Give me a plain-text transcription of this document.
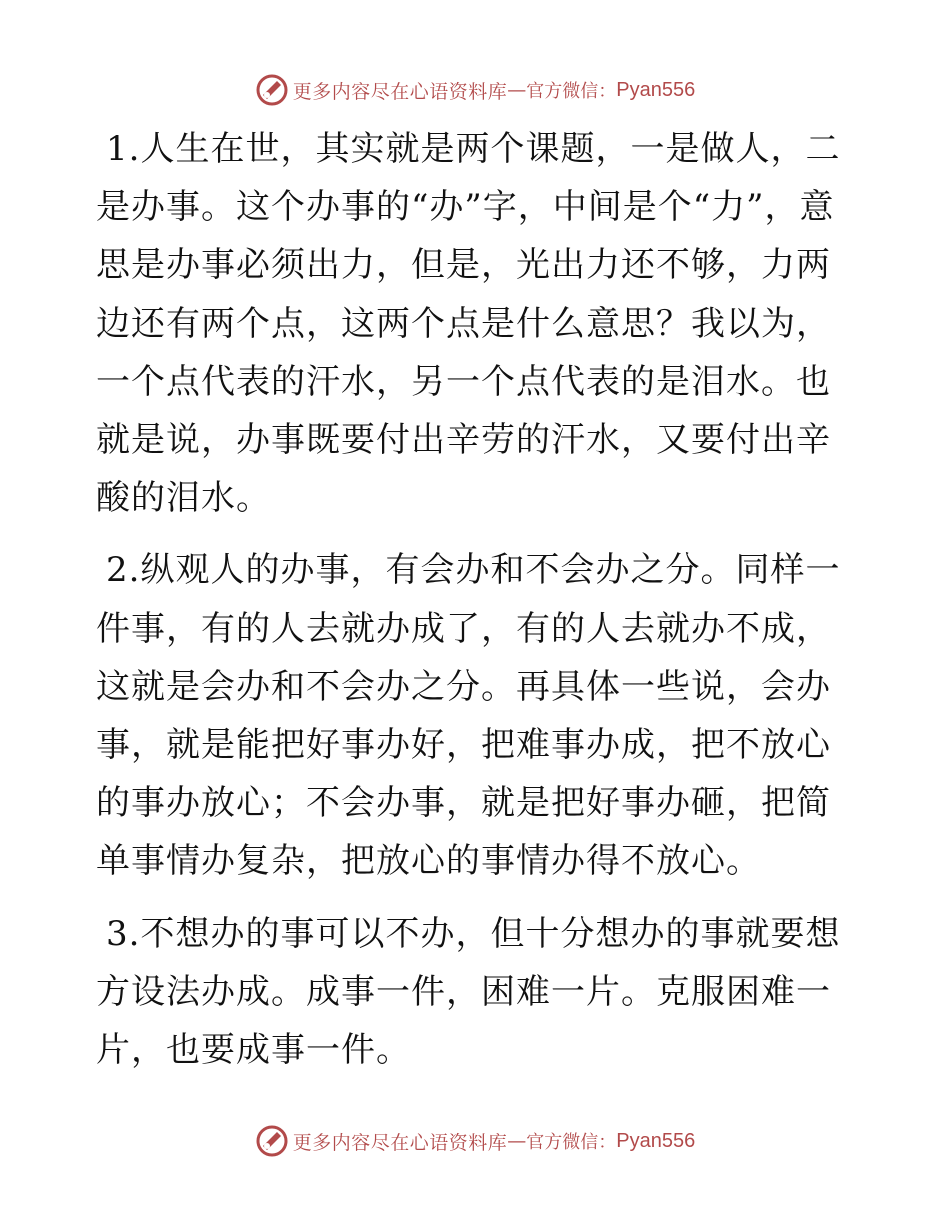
更多内容尽在心语资料库 — 官方微信： Pyan556

1.人生在世，其实就是两个课题，一是做人，二是办事。这个办事的“办”字，中间是个“力”，意思是办事必须出力，但是，光出力还不够，力两边还有两个点，这两个点是什么意思？我以为，一个点代表的汗水，另一个点代表的是泪水。也就是说，办事既要付出辛劳的汗水，又要付出辛酸的泪水。

2.纵观人的办事，有会办和不会办之分。同样一件事，有的人去就办成了，有的人去就办不成，这就是会办和不会办之分。再具体一些说，会办事，就是能把好事办好，把难事办成，把不放心的事办放心；不会办事，就是把好事办砸，把简单事情办复杂，把放心的事情办得不放心。

3.不想办的事可以不办，但十分想办的事就要想方设法办成。成事一件，困难一片。克服困难一片，也要成事一件。

更多内容尽在心语资料库 — 官方微信： Pyan556
